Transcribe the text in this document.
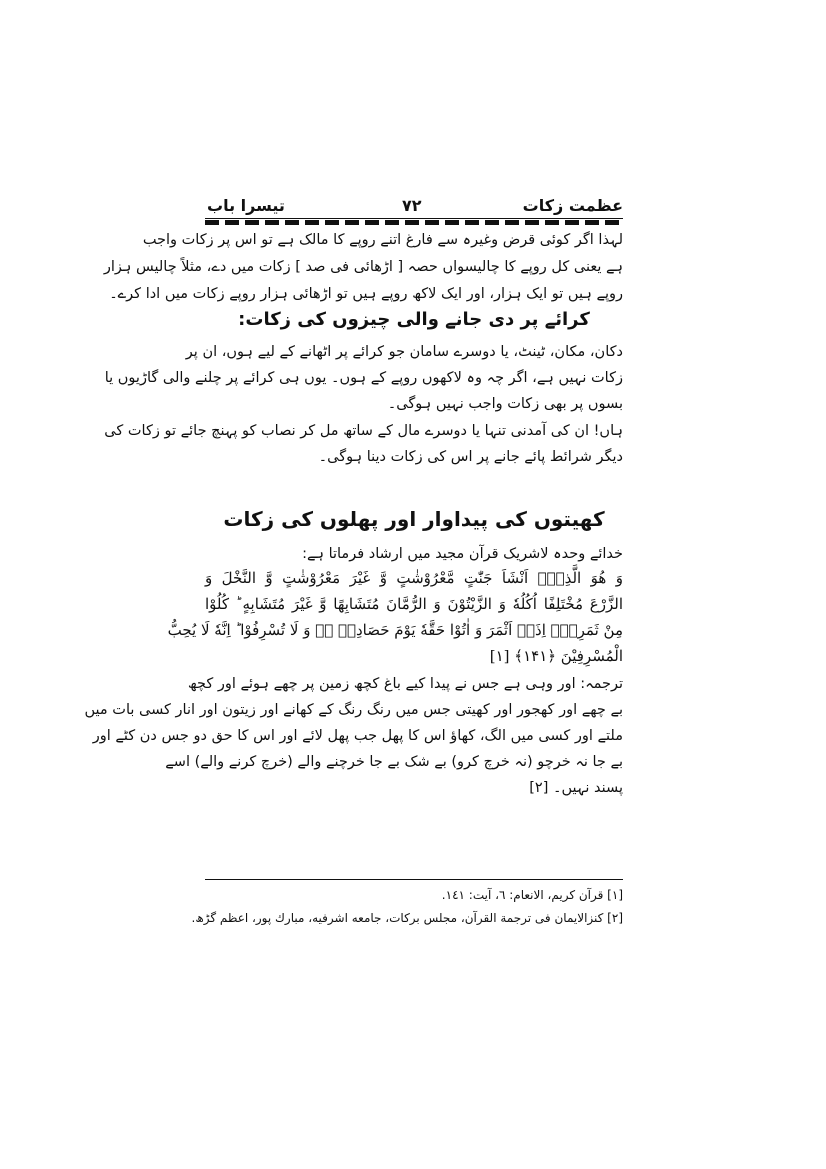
عظمت زکات
۷۲
تیسرا باب
لہذا اگر کوئی قرض وغیرہ سے فارغ اتنے روپے کا مالک ہے تو اس پر زکات واجب
ہے یعنی کل روپے کا چالیسواں حصہ [ اڑھائی فی صد ] زکات میں دے، مثلاً چالیس ہزار
روپے ہیں تو ایک ہزار، اور ایک لاکھ روپے ہیں تو اڑھائی ہزار روپے زکات میں ادا کرے۔
کرائے پر دی جانے والی چیزوں کی زکات:
دکان، مکان، ٹینٹ، یا دوسرے سامان جو کرائے پر اٹھانے کے لیے ہوں، ان پر
زکات نہیں ہے، اگر چہ وہ لاکھوں روپے کے ہوں۔ یوں ہی کرائے پر چلنے والی گاڑیوں یا
بسوں پر بھی زکات واجب نہیں ہوگی۔
ہاں! ان کی آمدنی تنہا یا دوسرے مال کے ساتھ مل کر نصاب کو پہنچ جائے تو زکات کی
دیگر شرائط پائے جانے پر اس کی زکات دینا ہوگی۔
کھیتوں کی پیداوار اور پھلوں کی زکات
خدائے وحدہ لاشریک قرآن مجید میں ارشاد فرماتا ہے:
وَ هُوَ الَّذِیْۤ اَنْشَاَ جَنّٰتٍ مَّعْرُوْشٰتٍ وَّ غَیْرَ مَعْرُوْشٰتٍ وَّ النَّخْلَ وَ
الزَّرْعَ مُخْتَلِفًا اُكُلُهٗ وَ الزَّیْتُوْنَ وَ الرُّمَّانَ مُتَشَابِهًا وَّ غَیْرَ مُتَشَابِهٍ ؕ كُلُوْا
مِنْ ثَمَرِهٖۤ اِذَاۤ اَثْمَرَ وَ اٰتُوْا حَقَّهٗ یَوْمَ حَصَادِهٖ ۖ٘ وَ لَا تُسْرِفُوْا ؕ اِنَّهٗ لَا یُحِبُّ
الْمُسْرِفِیْنَ ﴿۱۴۱﴾ [۱]
ترجمہ: اور وہی ہے جس نے پیدا کیے باغ کچھ زمین پر چھے ہوئے اور کچھ
بے چھے اور کھجور اور کھیتی جس میں رنگ رنگ کے کھانے اور زیتون اور انار کسی بات میں
ملتے اور کسی میں الگ، کھاؤ اس کا پھل جب پھل لائے اور اس کا حق دو جس دن کٹے اور
بے جا نہ خرچو (نہ خرچ کرو) بے شک بے جا خرچنے والے (خرچ کرنے والے) اسے
پسند نہیں۔ [۲]
[۱] قرآن کریم، الانعام: ٦، آیت: ١٤١.
[۲] کنزالایمان فی ترجمة القرآن، مجلس برکات، جامعه اشرفیه، مبارك پور، اعظم گڑھ.
